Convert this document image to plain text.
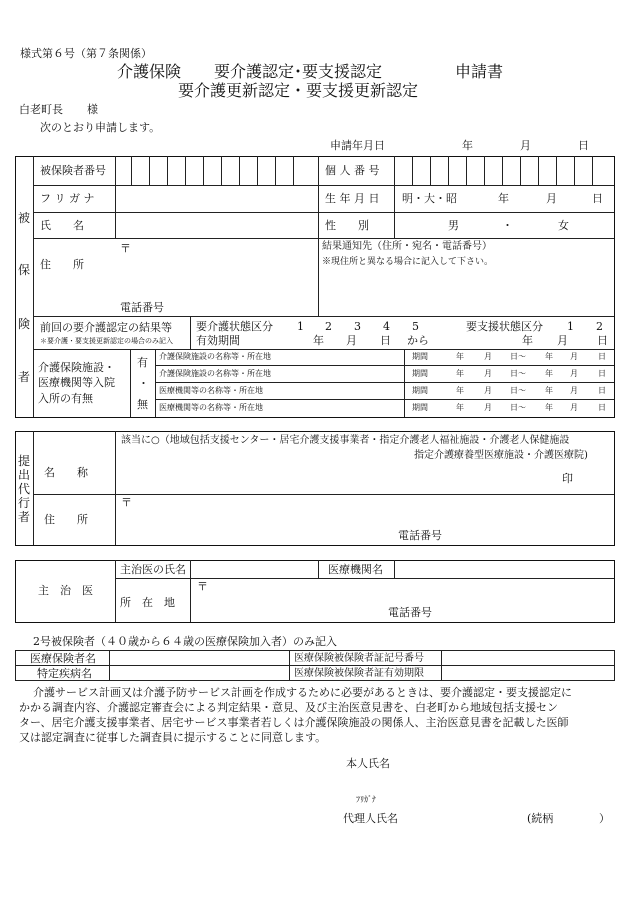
様式第６号（第７条関係）
介護保険 要介護認定･要支援認定	申請書
要介護更新認定・要支援更新認定
白老町長 様
次のとおり申請します。
申請年月日	年	月	日
被
保
険
者
被保険者番号	個 人 番 号
フ リ ガ ナ	生 年 月 日 明・大・昭	年	月	日
氏　　名	性　　別	男	・	女
住　　所
〒
電話番号
結果通知先（住所・宛名・電話番号）
※現住所と異なる場合に記入して下さい。
前回の要介護認定の結果等
＊要介護・要支援更新認定の場合のみ記入
要介護状態区分 1 2 3 4 5	要支援状態区分 1 2
有効期間	年 月 日 から	年 月	日
介護保険施設・
医療機関等入院
入所の有無
有
・
無
介護保険施設の名称等・所在地	期間	年	月 日～ 年 月	日
介護保険施設の名称等・所在地	期間	年	月 日～ 年 月	日
医療機関等の名称等・所在地	期間	年	月 日～ 年 月	日
医療機関等の名称等・所在地	期間	年	月 日～ 年 月	日
提
出
代
行
者
名　　称
該当に○（地域包括支援センター・居宅介護支援事業者・指定介護老人福祉施設・介護老人保健施設
指定介護療養型医療施設・介護医療院)
印
住　　所
〒
電話番号
主　治　医
主治医の氏名	医療機関名
所　在　地
〒
電話番号
2号被保険者（４０歳から６４歳の医療保険加入者）のみ記入
医療保険者名	医療保険被保険者証記号番号
特定疾病名	医療保険被保険者証有効期限
介護サービス計画又は介護予防サービス計画を作成するために必要があるときは、要介護認定・要支援認定に
かかる調査内容、介護認定審査会による判定結果・意見、及び主治医意見書を、白老町から地域包括支援セン
ター、居宅介護支援事業者、居宅サービス事業者若しくは介護保険施設の関係人、主治医意見書を記載した医師
又は認定調査に従事した調査員に提示することに同意します。
本人氏名
ﾌﾘｶﾞﾅ
代理人氏名	(続柄	）
